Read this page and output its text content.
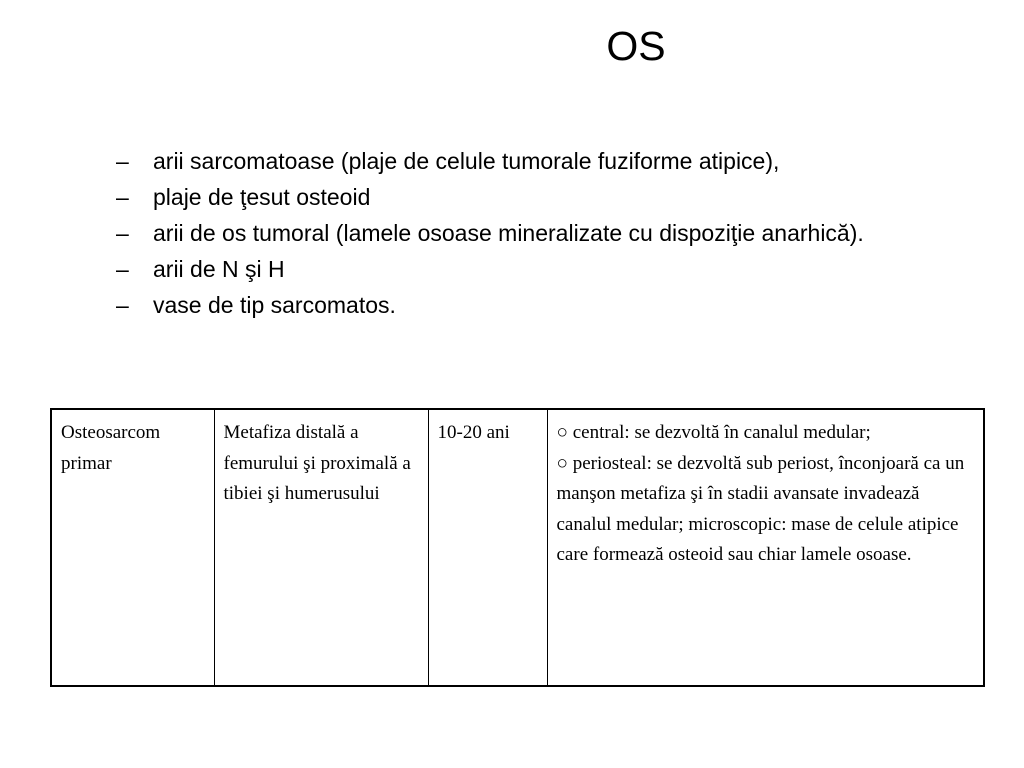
OS
– arii sarcomatoase (plaje de celule tumorale fuziforme atipice),
– plaje de ţesut osteoid
– arii de os tumoral (lamele osoase mineralizate cu dispoziţie anarhică).
– arii de N şi H
– vase de tip sarcomatos.
Osteosarcom primar	Metafiza distală a femurului şi proximală a tibiei şi humerusului	10-20 ani	○ central: se dezvoltă în canalul medular;
○ periosteal: se dezvoltă sub periost, înconjoară ca un manşon metafiza şi în stadii avansate invadează canalul medular; microscopic: mase de celule atipice care formează osteoid sau chiar lamele osoase.
